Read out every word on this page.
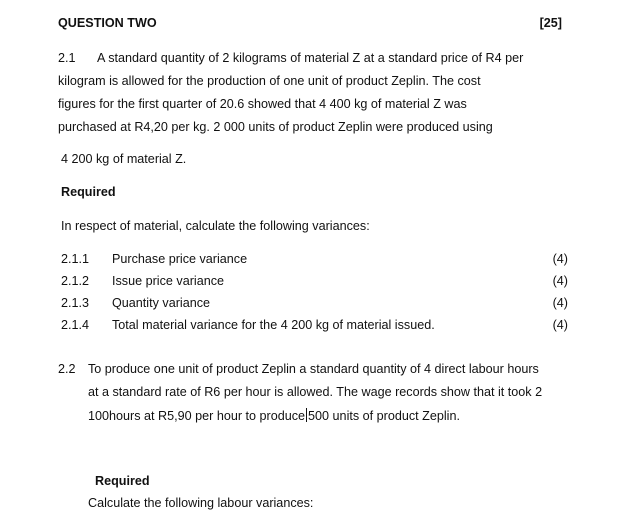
QUESTION TWO	[25]
2.1 A standard quantity of 2 kilograms of material Z at a standard price of R4 per
kilogram is allowed for the production of one unit of product Zeplin. The cost
figures for the first quarter of 20.6 showed that 4 400 kg of material Z was
purchased at R4,20 per kg. 2 000 units of product Zeplin were produced using
4 200 kg of material Z.
Required
In respect of material, calculate the following variances:
2.1.1 Purchase price variance	(4)
2.1.2 Issue price variance	(4)
2.1.3 Quantity variance	(4)
2.1.4 Total material variance for the 4 200 kg of material issued.	(4)
2.2 To produce one unit of product Zeplin a standard quantity of 4 direct labour hours
at a standard rate of R6 per hour is allowed. The wage records show that it took 2
100hours at R5,90 per hour to produce 500 units of product Zeplin.
Required
Calculate the following labour variances:
